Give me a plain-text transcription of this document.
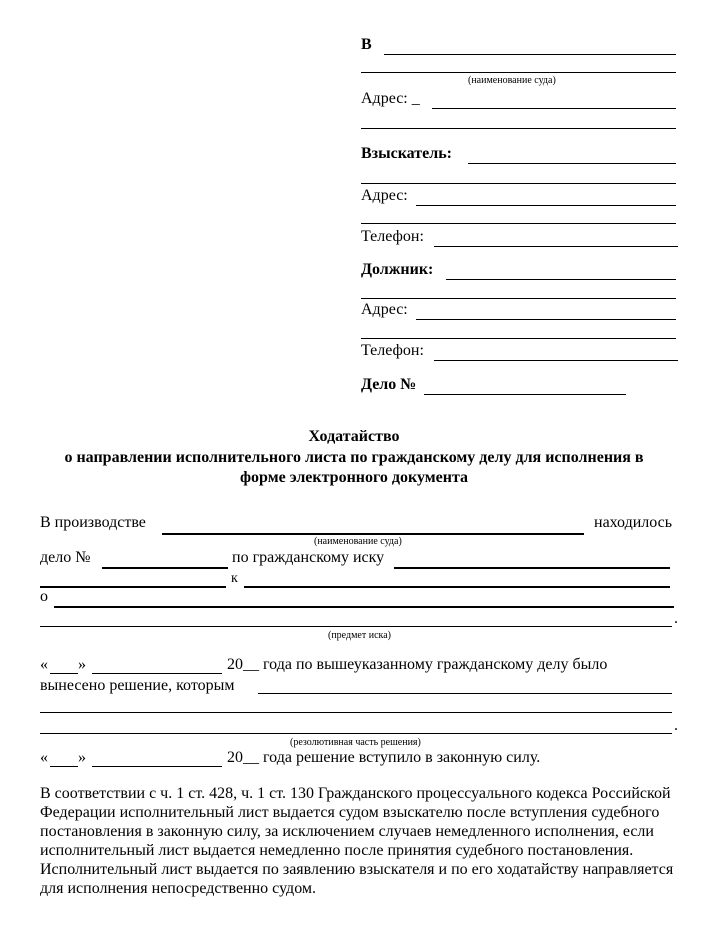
В
(наименование суда)
Адрес: _
Взыскатель:
Адрес:
Телефон:
Должник:
Адрес:
Телефон:
Дело №
Ходатайство
о направлении исполнительного листа по гражданскому делу для исполнения в
форме электронного документа
В производстве	находилось
(наименование суда)
дело №	по гражданскому иску
к
о
.
(предмет иска)
« »	20__ года по вышеуказанному гражданскому делу было
вынесено решение, которым
.
(резолютивная часть решения)
« »	20__ года решение вступило в законную силу.
В соответствии с ч. 1 ст. 428, ч. 1 ст. 130 Гражданского процессуального кодекса Российской Федерации исполнительный лист выдается судом взыскателю после вступления судебного постановления в законную силу, за исключением случаев немедленного исполнения, если исполнительный лист выдается немедленно после принятия судебного постановления. Исполнительный лист выдается по заявлению взыскателя и по его ходатайству направляется для исполнения непосредственно судом.
